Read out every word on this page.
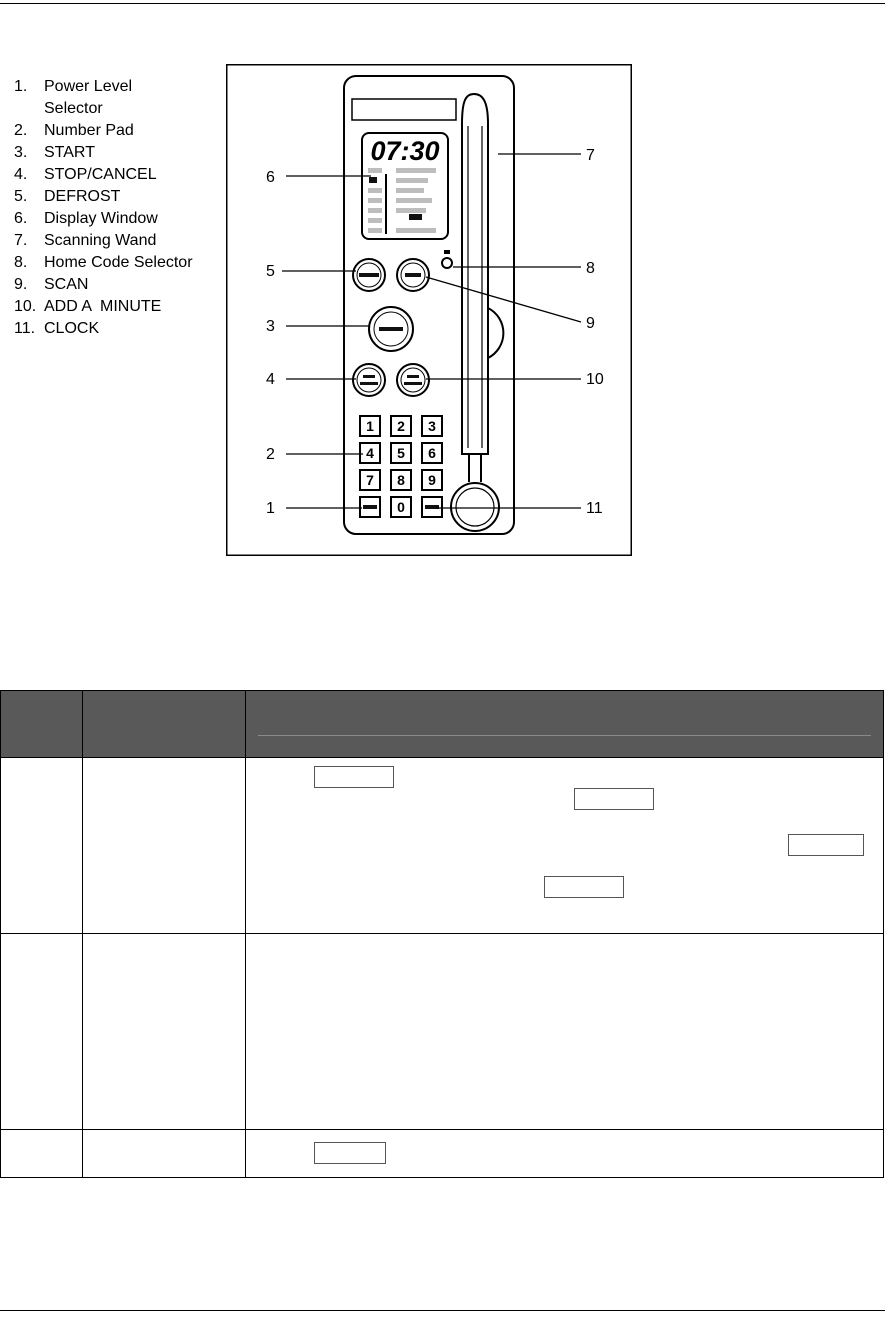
1.	Power Level Selector
2.	Number Pad
3.	START
4.	STOP/CANCEL
5.	DEFROST
6.	Display Window
7.	Scanning Wand
8.	Home Code Selector
9.	SCAN
10. ADD A  MINUTE
11. CLOCK
07:30
1 2 3
4 5 6
7 8 9
0
1
2
3
4
5
6
7
8
9
10
11
